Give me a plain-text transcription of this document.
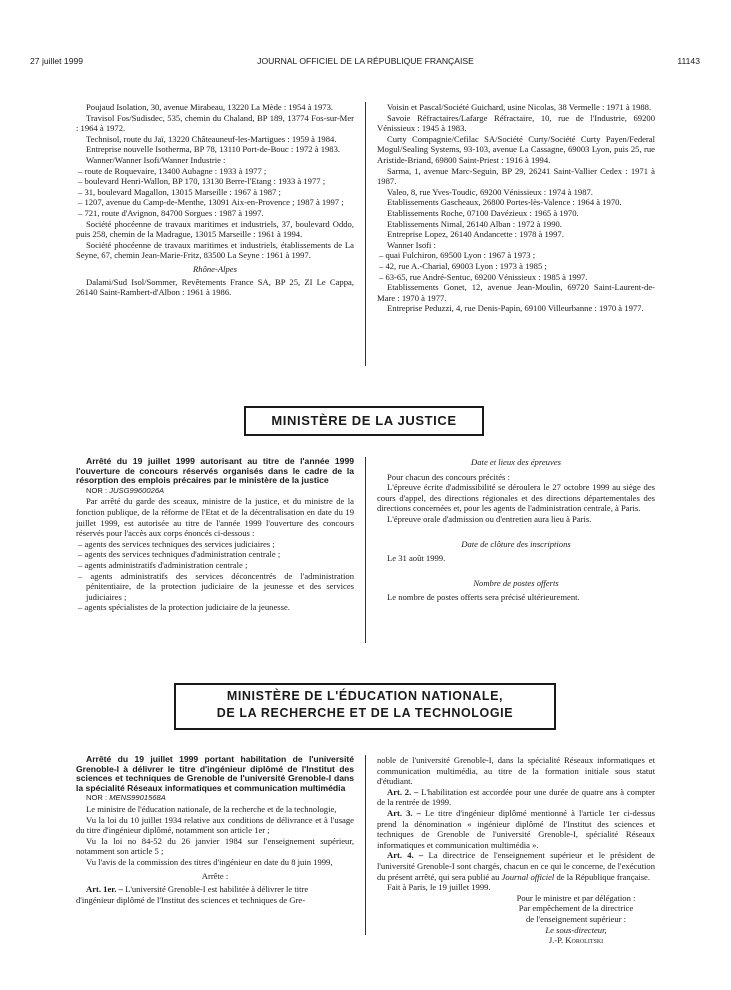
27 juillet 1999	JOURNAL OFFICIEL DE LA RÉPUBLIQUE FRANÇAISE	11143

Poujaud Isolation, 30, avenue Mirabeau, 13220 La Mède : 1954 à 1973.

Travisol Fos/Sudisdec, 535, chemin du Chaland, BP 189, 13774 Fos-sur-Mer : 1964 à 1972.

Technisol, route du Jaï, 13220 Châteauneuf-les-Martigues : 1959 à 1984.

Entreprise nouvelle Isotherma, BP 78, 13110 Port-de-Bouc : 1972 à 1983.

Wanner/Wanner Isofi/Wanner Industrie :

– route de Roquevaire, 13400 Aubagne : 1933 à 1977 ;
– boulevard Henri-Wallon, BP 170, 13130 Berre-l'Etang : 1933 à 1977 ;
– 31, boulevard Magallon, 13015 Marseille : 1967 à 1987 ;
– 1207, avenue du Camp-de-Menthe, 13091 Aix-en-Provence ; 1987 à 1997 ;
– 721, route d'Avignon, 84700 Sorgues : 1987 à 1997.

Société phocéenne de travaux maritimes et industriels, 37, boulevard Oddo, puis 258, chemin de la Madrague, 13015 Marseille : 1961 à 1994.

Société phocéenne de travaux maritimes et industriels, établissements de La Seyne, 67, chemin Jean-Marie-Fritz, 83500 La Seyne : 1961 à 1997.

Rhône-Alpes

Dalami/Sud Isol/Sommer, Revêtements France SA, BP 25, ZI Le Cappa, 26140 Saint-Rambert-d'Albon : 1961 à 1986.

Voisin et Pascal/Société Guichard, usine Nicolas, 38 Vermelle : 1971 à 1988.

Savoie Réfractaires/Lafarge Réfractaire, 10, rue de l'Industrie, 69200 Vénissieux : 1945 à 1983.

Curty Compagnie/Cefilac SA/Société Curty/Société Curty Payen/Federal Mogul/Sealing Systems, 93-103, avenue La Cassagne, 69003 Lyon, puis 25, rue Aristide-Briand, 69800 Saint-Priest : 1916 à 1994.

Sarma, 1, avenue Marc-Seguin, BP 29, 26241 Saint-Vallier Cedex : 1971 à 1987.

Valeo, 8, rue Yves-Toudic, 69200 Vénissieux : 1974 à 1987.

Etablissements Gascheaux, 26800 Portes-lès-Valence : 1964 à 1970.

Etablissements Roche, 07100 Davézieux : 1965 à 1970.

Etablissements Nimal, 26140 Alban : 1972 à 1990.

Entreprise Lopez, 26140 Andancette : 1978 à 1997.

Wanner Isofi :

– quai Fulchiron, 69500 Lyon : 1967 à 1973 ;
– 42, rue A.-Charial, 69003 Lyon : 1973 à 1985 ;
– 63-65, rue André-Sentuc, 69200 Vénissieux : 1985 à 1997.

Etablissements Gonet, 12, avenue Jean-Moulin, 69720 Saint-Laurent-de-Mare : 1970 à 1977.

Entreprise Peduzzi, 4, rue Denis-Papin, 69100 Villeurbanne : 1970 à 1977.

MINISTÈRE DE LA JUSTICE

Arrêté du 19 juillet 1999 autorisant au titre de l'année 1999 l'ouverture de concours réservés organisés dans le cadre de la résorption des emplois précaires par le ministère de la justice

NOR : JUSG9960026A

Par arrêté du garde des sceaux, ministre de la justice, et du ministre de la fonction publique, de la réforme de l'Etat et de la décentralisation en date du 19 juillet 1999, est autorisée au titre de l'année 1999 l'ouverture des concours réservés pour l'accès aux corps énoncés ci-dessous :

– agents des services techniques des services judiciaires ;
– agents des services techniques d'administration centrale ;
– agents administratifs d'administration centrale ;
– agents administratifs des services déconcentrés de l'administration pénitentiaire, de la protection judiciaire de la jeunesse et des services judiciaires ;
– agents spécialistes de la protection judiciaire de la jeunesse.

Date et lieux des épreuves

Pour chacun des concours précités :

L'épreuve écrite d'admissibilité se déroulera le 27 octobre 1999 au siège des cours d'appel, des directions régionales et des directions départementales des directions concernées et, pour les agents de l'administration centrale, à Paris.

L'épreuve orale d'admission ou d'entretien aura lieu à Paris.

Date de clôture des inscriptions

Le 31 août 1999.

Nombre de postes offerts

Le nombre de postes offerts sera précisé ultérieurement.

MINISTÈRE DE L'ÉDUCATION NATIONALE,
DE LA RECHERCHE ET DE LA TECHNOLOGIE

Arrêté du 19 juillet 1999 portant habilitation de l'université Grenoble-I à délivrer le titre d'ingénieur diplômé de l'Institut des sciences et techniques de Grenoble de l'université Grenoble-I dans la spécialité Réseaux informatiques et communication multimédia

NOR : MENS9901568A

Le ministre de l'éducation nationale, de la recherche et de la technologie,

Vu la loi du 10 juillet 1934 relative aux conditions de délivrance et à l'usage du titre d'ingénieur diplômé, notamment son article 1er ;

Vu la loi no 84-52 du 26 janvier 1984 sur l'enseignement supérieur, notamment son article 5 ;

Vu l'avis de la commission des titres d'ingénieur en date du 8 juin 1999,

Arrête :

Art. 1er. – L'université Grenoble-I est habilitée à délivrer le titre

d'ingénieur diplômé de l'Institut des sciences et techniques de Gre-

noble de l'université Grenoble-I, dans la spécialité Réseaux informatiques et communication multimédia, au titre de la formation initiale sous statut d'étudiant.

Art. 2. – L'habilitation est accordée pour une durée de quatre ans à compter de la rentrée de 1999.

Art. 3. – Le titre d'ingénieur diplômé mentionné à l'article 1er ci-dessus prend la dénomination « ingénieur diplômé de l'Institut des sciences et techniques de Grenoble de l'université Grenoble-I, spécialité Réseaux informatiques et communication multimédia ».

Art. 4. – La directrice de l'enseignement supérieur et le président de l'université Grenoble-I sont chargés, chacun en ce qui le concerne, de l'exécution du présent arrêté, qui sera publié au Journal officiel de la République française.

Fait à Paris, le 19 juillet 1999.

Pour le ministre et par délégation :
Par empêchement de la directrice
de l'enseignement supérieur :
Le sous-directeur,
J.-P. Korolitski
